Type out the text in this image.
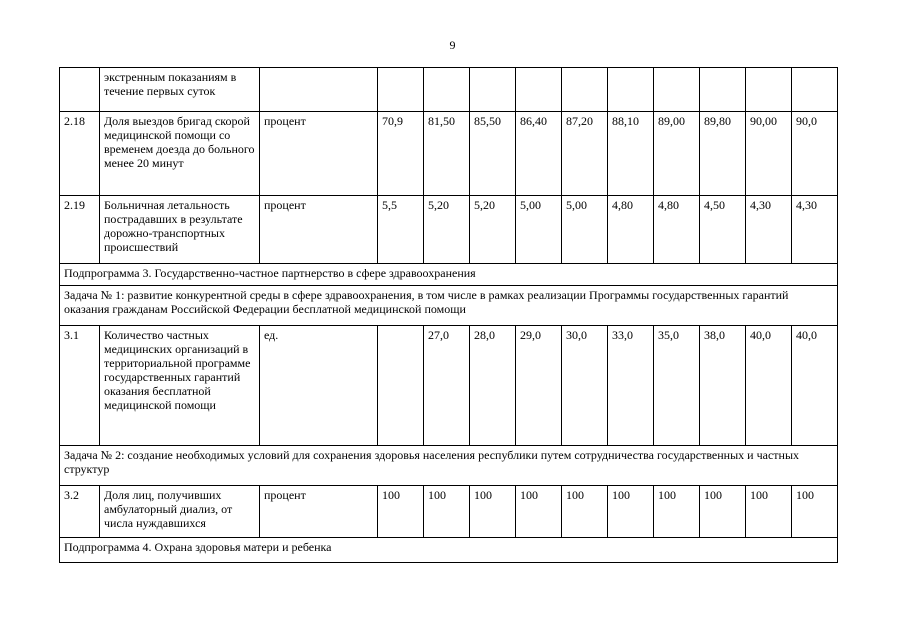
9
	экстренным показаниям в течение первых суток											
2.18	Доля выездов бригад скорой медицинской помощи со временем доезда до больного менее 20 минут	процент	70,9	81,50	85,50	86,40	87,20	88,10	89,00	89,80	90,00	90,0
2.19	Больничная летальность пострадавших в результате дорожно-транспортных происшествий	процент	5,5	5,20	5,20	5,00	5,00	4,80	4,80	4,50	4,30	4,30
Подпрограмма 3. Государственно-частное партнерство в сфере здравоохранения												
Задача № 1: развитие конкурентной среды в сфере здравоохранения, в том числе в рамках реализации Программы государственных гарантий оказания гражданам Российской Федерации бесплатной медицинской помощи												
3.1	Количество частных медицинских организаций в территориальной программе государственных гарантий оказания бесплатной медицинской помощи	ед.		27,0	28,0	29,0	30,0	33,0	35,0	38,0	40,0	40,0
Задача № 2: создание необходимых условий для сохранения здоровья населения республики путем сотрудничества государственных и частных структур												
3.2	Доля лиц, получивших амбулаторный диализ, от числа нуждавшихся	процент	100	100	100	100	100	100	100	100	100	100
Подпрограмма 4. Охрана здоровья матери и ребенка												
